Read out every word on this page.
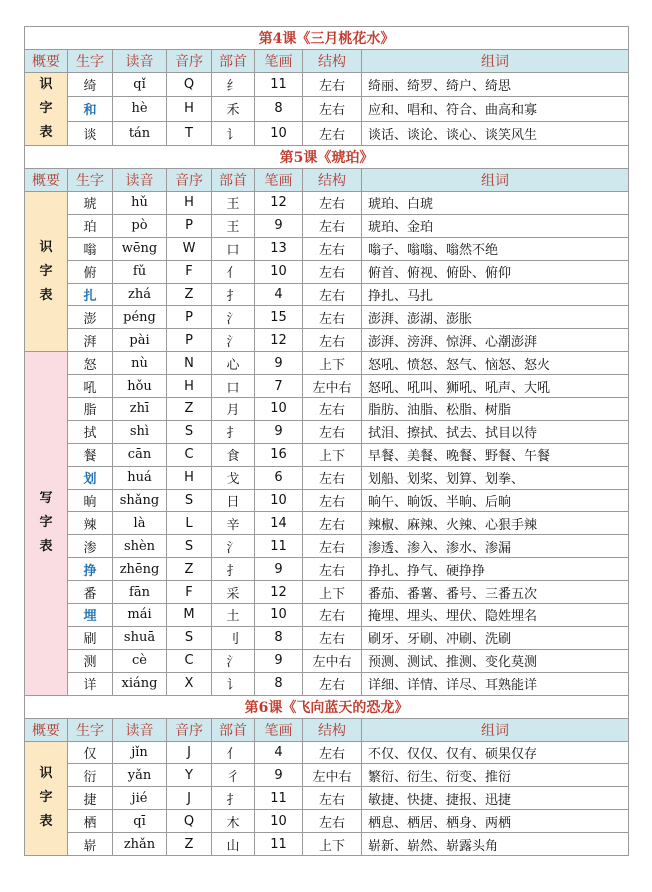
第4课《三月桃花水》							
概要	生字	读音	音序	部首	笔画	结构	组词

识
字
表	绮	qǐ	Q	纟	11	左右	绮丽、绮罗、绮户、绮思
	和	hè	H	禾	8	左右	应和、唱和、符合、曲高和寡
	谈	tán	T	讠	10	左右	谈话、谈论、谈心、谈笑风生
第5课《琥珀》							
概要	生字	读音	音序	部首	笔画	结构	组词

识
字
表	琥	hǔ	H	王	12	左右	琥珀、白琥
	珀	pò	P	王	9	左右	琥珀、金珀
	嗡	wēng	W	口	13	左右	嗡子、嗡嗡、嗡然不绝
	俯	fǔ	F	亻	10	左右	俯首、俯视、俯卧、俯仰
	扎	zhá	Z	扌	4	左右	挣扎、马扎
	澎	péng	P	氵	15	左右	澎湃、澎湖、澎胀
	湃	pài	P	氵	12	左右	澎湃、滂湃、惊湃、心潮澎湃

写
字
表	怒	nù	N	心	9	上下	怒吼、愤怒、怒气、恼怒、怒火
	吼	hǒu	H	口	7	左中右	怒吼、吼叫、狮吼、吼声、大吼
	脂	zhī	Z	月	10	左右	脂肪、油脂、松脂、树脂
	拭	shì	S	扌	9	左右	拭泪、擦拭、拭去、拭目以待
	餐	cān	C	食	16	上下	早餐、美餐、晚餐、野餐、午餐
	划	huá	H	戈	6	左右	划船、划桨、划算、划拳、
	晌	shǎng	S	日	10	左右	晌午、晌饭、半晌、后晌
	辣	là	L	辛	14	左右	辣椒、麻辣、火辣、心狠手辣
	渗	shèn	S	氵	11	左右	渗透、渗入、渗水、渗漏
	挣	zhēng	Z	扌	9	左右	挣扎、挣气、硬挣挣
	番	fān	F	采	12	上下	番茄、番薯、番号、三番五次
	埋	mái	M	土	10	左右	掩埋、埋头、埋伏、隐姓埋名
	刷	shuā	S	刂	8	左右	刷牙、牙刷、冲刷、洗刷
	测	cè	C	氵	9	左中右	预测、测试、推测、变化莫测
	详	xiáng	X	讠	8	左右	详细、详情、详尽、耳熟能详
第6课《飞向蓝天的恐龙》							
概要	生字	读音	音序	部首	笔画	结构	组词

识
字
表	仅	jǐn	J	亻	4	左右	不仅、仅仅、仅有、硕果仅存
	衍	yǎn	Y	彳	9	左中右	繁衍、衍生、衍变、推衍
	捷	jié	J	扌	11	左右	敏捷、快捷、捷报、迅捷
	栖	qī	Q	木	10	左右	栖息、栖居、栖身、两栖
	崭	zhǎn	Z	山	11	上下	崭新、崭然、崭露头角
